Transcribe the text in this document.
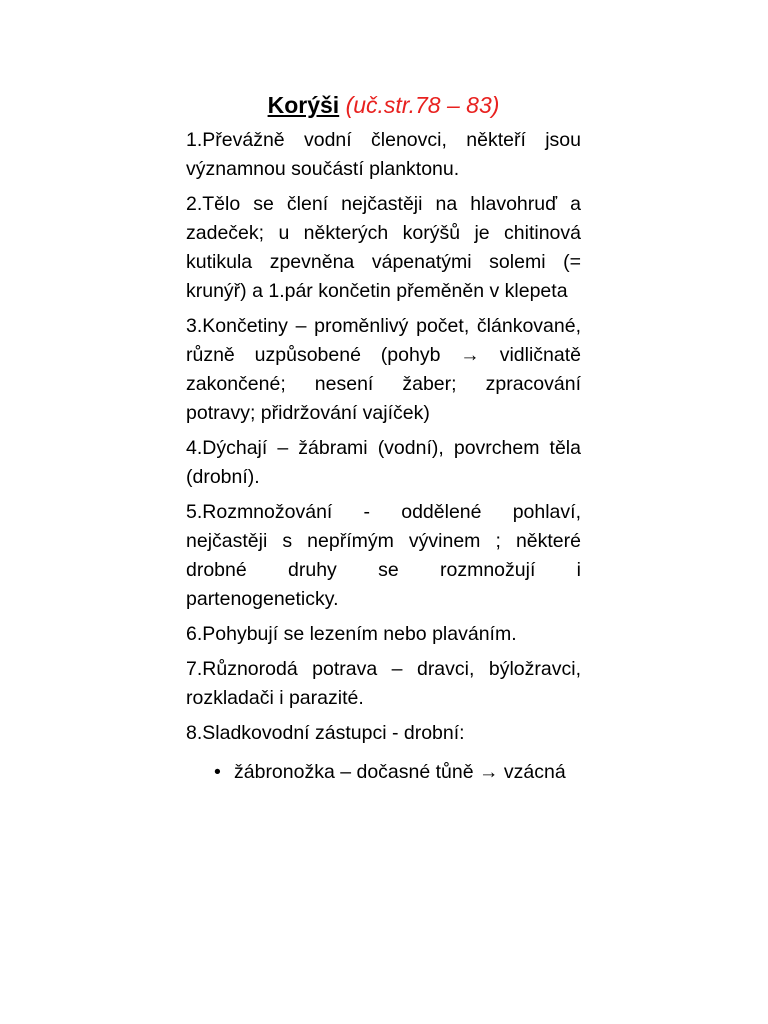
Korýši (uč.str.78 – 83)

1.Převážně vodní členovci, někteří jsou významnou součástí planktonu.

2.Tělo se člení nejčastěji na hlavohruď a zadeček; u některých korýšů je chitinová kutikula zpevněna vápenatými solemi (= krunýř) a 1.pár končetin přeměněn v klepeta

3.Končetiny – proměnlivý počet, článkované, různě uzpůsobené (pohyb → vidličnatě zakončené; nesení žaber; zpracování potravy; přidržování vajíček)

4.Dýchají – žábrami (vodní), povrchem těla (drobní).

5.Rozmnožování - oddělené pohlaví, nejčastěji s nepřímým vývinem ; některé drobné druhy se rozmnožují i partenogeneticky.

6.Pohybují se lezením nebo plaváním.

7.Různorodá potrava – dravci, býložravci, rozkladači i parazité.

8.Sladkovodní zástupci - drobní:

• žábronožka – dočasné tůně → vzácná
